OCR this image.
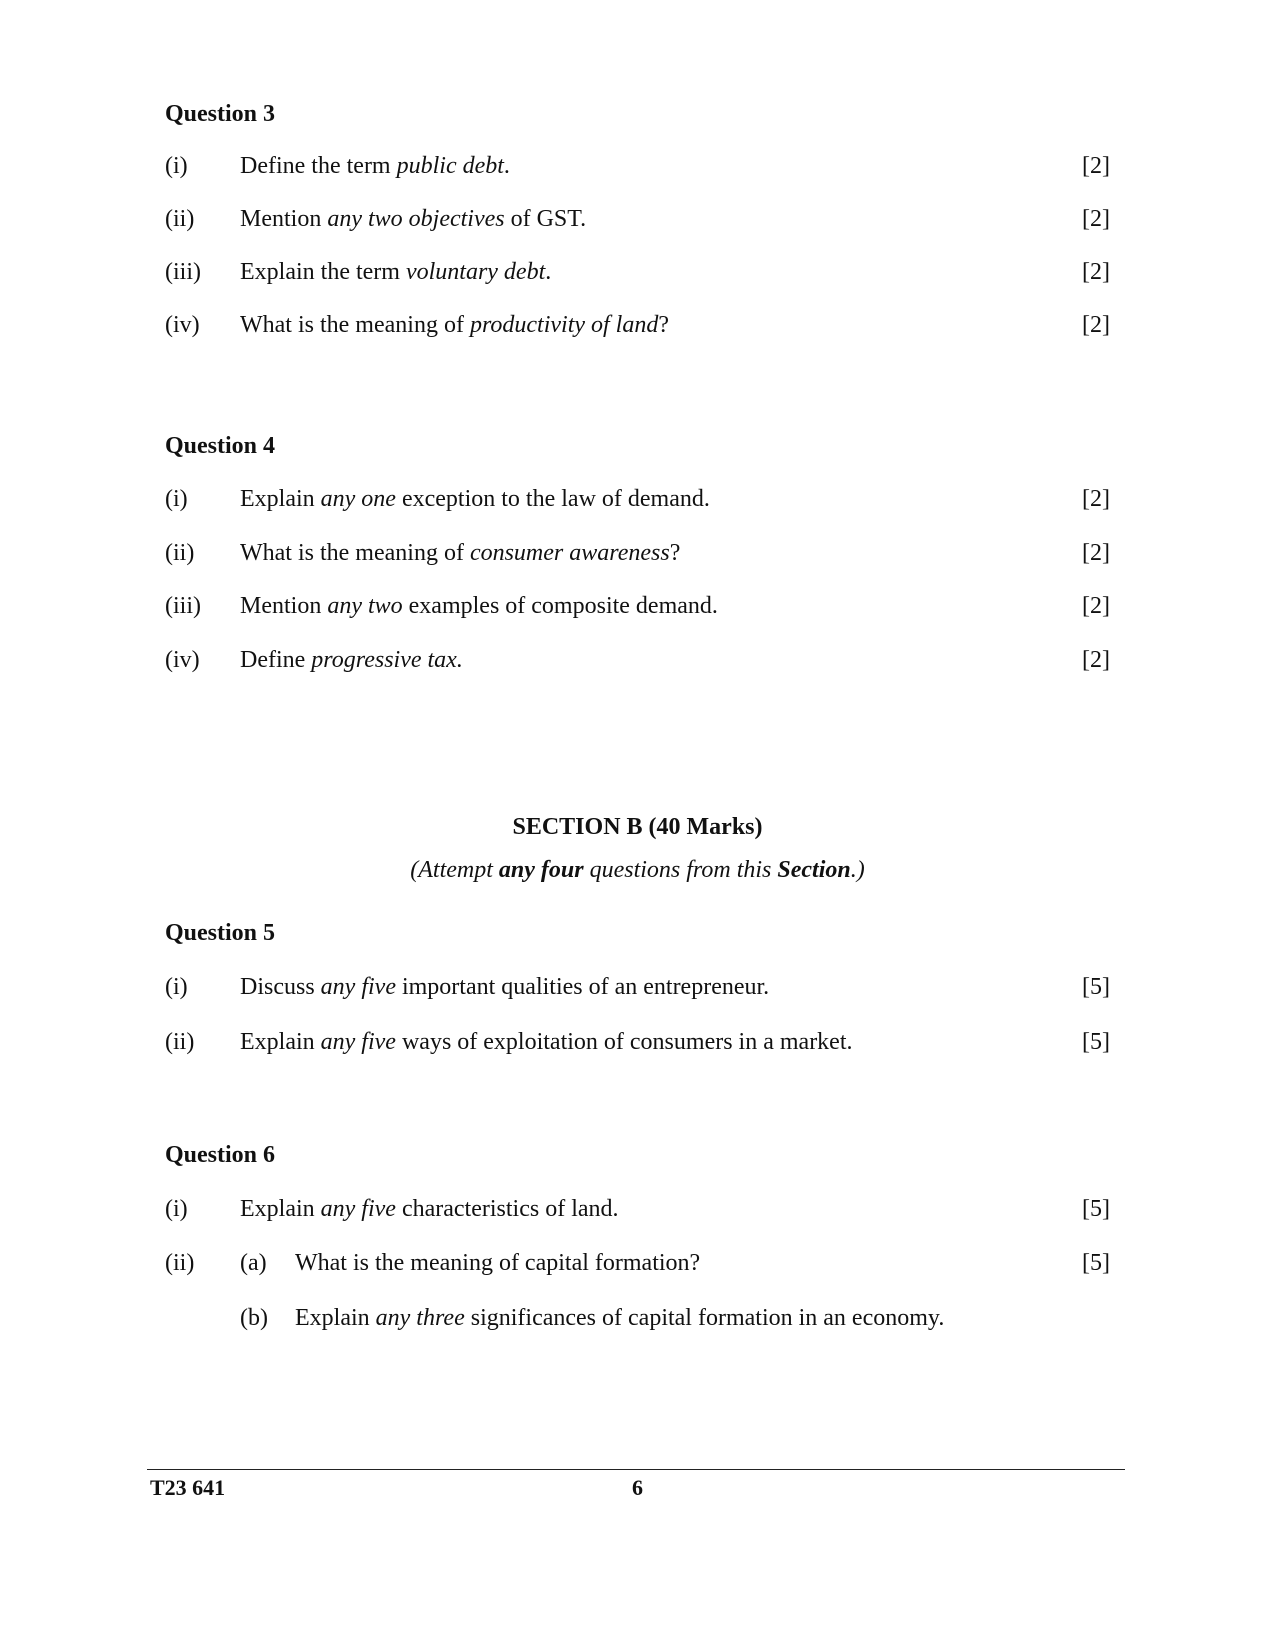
Question 3
(i) Define the term public debt.	[2]
(ii) Mention any two objectives of GST.	[2]
(iii) Explain the term voluntary debt.	[2]
(iv) What is the meaning of productivity of land?	[2]
Question 4
(i) Explain any one exception to the law of demand.	[2]
(ii) What is the meaning of consumer awareness?	[2]
(iii) Mention any two examples of composite demand.	[2]
(iv) Define progressive tax.	[2]
SECTION B (40 Marks)
(Attempt any four questions from this Section.)
Question 5
(i) Discuss any five important qualities of an entrepreneur.	[5]
(ii) Explain any five ways of exploitation of consumers in a market.	[5]
Question 6
(i) Explain any five characteristics of land.	[5]
(ii) (a) What is the meaning of capital formation?	[5]
(b) Explain any three significances of capital formation in an economy.
T23 641	6
